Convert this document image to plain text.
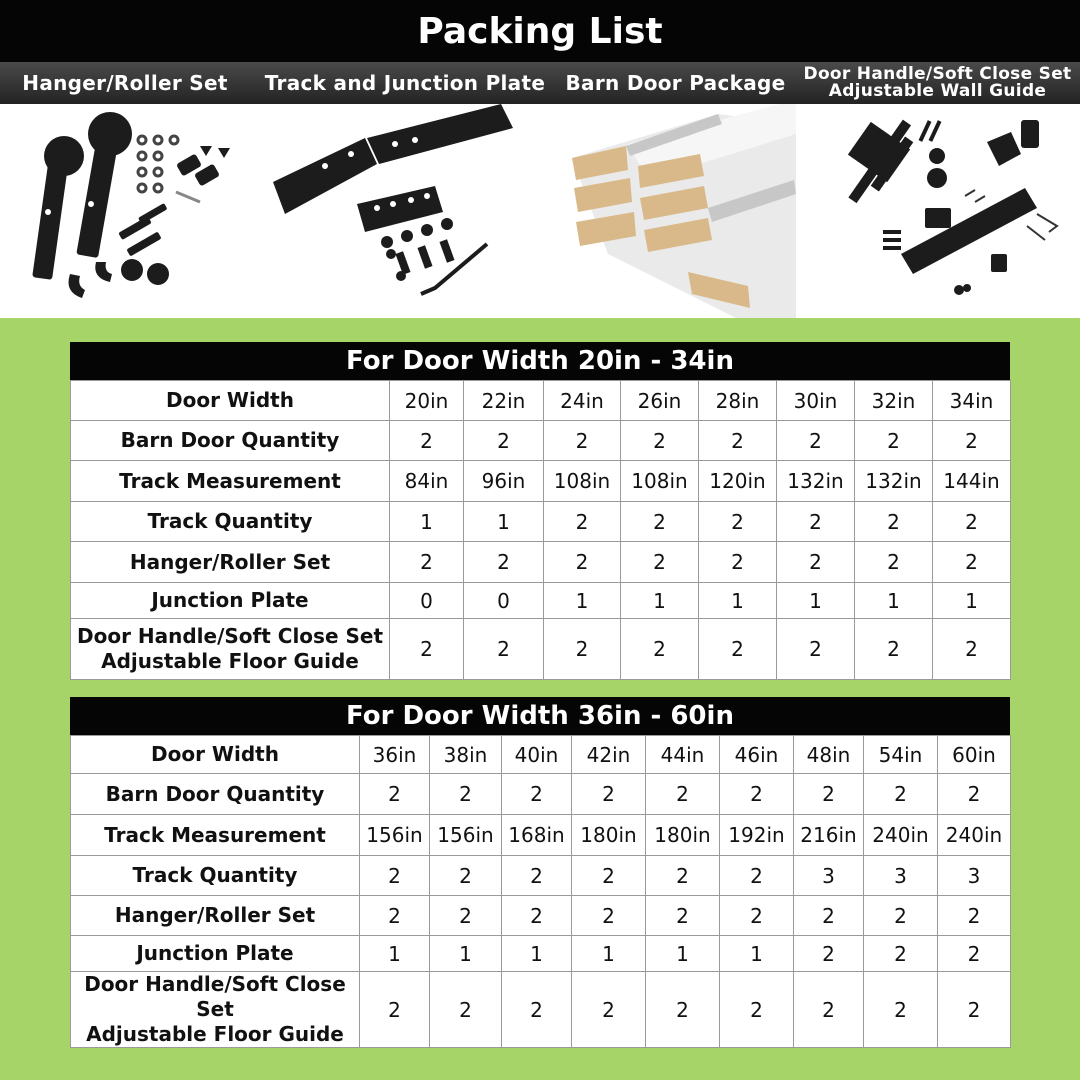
Packing List
Hanger/Roller Set	Track and Junction Plate	Barn Door Package	Door Handle/Soft Close Set
Adjustable Wall Guide
For Door Width 20in - 34in
Door Width	20in	22in	24in	26in	28in	30in	32in	34in

Barn Door Quantity	2	2	2	2	2	2	2	2

Track Measurement	84in	96in	108in	108in	120in	132in	132in	144in

Track Quantity	1	1	2	2	2	2	2	2

Hanger/Roller Set	2	2	2	2	2	2	2	2

Junction Plate	0	0	1	1	1	1	1	1

Door Handle/Soft Close Set
Adjustable Floor Guide	2	2	2	2	2	2	2	2
For Door Width 36in - 60in
Door Width	36in	38in	40in	42in	44in	46in	48in	54in	60in

Barn Door Quantity	2	2	2	2	2	2	2	2	2

Track Measurement	156in	156in	168in	180in	180in	192in	216in	240in	240in

Track Quantity	2	2	2	2	2	2	3	3	3

Hanger/Roller Set	2	2	2	2	2	2	2	2	2

Junction Plate	1	1	1	1	1	1	2	2	2

Door Handle/Soft Close Set
Adjustable Floor Guide	2	2	2	2	2	2	2	2	2
